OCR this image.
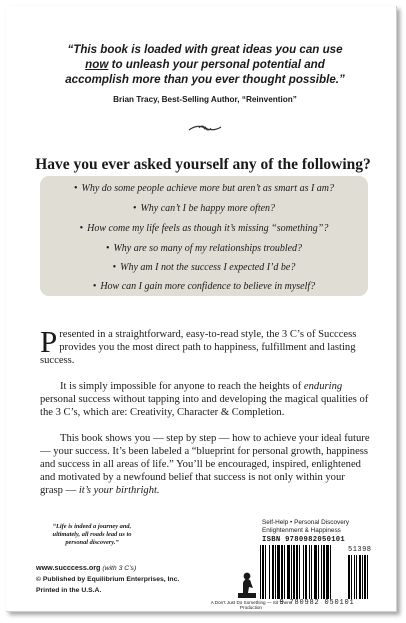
“This book is loaded with great ideas you can use
now to unleash your personal potential and
accomplish more than you ever thought possible.”
Brian Tracy, Best-Selling Author, “Reinvention”
Have you ever asked yourself any of the following?
• Why do some people achieve more but aren’t as smart as I am?
• Why can’t I be happy more often?
• How come my life feels as though it’s missing “something”?
• Why are so many of my relationships troubled?
• Why am I not the success I expected I’d be?
• How can I gain more confidence to believe in myself?
Presented in a straightforward, easy-to-read style, the 3 C’s of Succcess provides you the most direct path to happiness, fulfillment and lasting success.
It is simply impossible for anyone to reach the heights of enduring personal success without tapping into and developing the magical qualities of the 3 C’s, which are: Creativity, Character & Completion.
This book shows you — step by step — how to achieve your ideal future — your success. It’s been labeled a “blueprint for personal growth, happiness and success in all areas of life.” You’ll be encouraged, inspired, enlightened and motivated by a newfound belief that success is not only within your grasp — it’s your birthright.
“Life is indeed a journey and, ultimately, all roads lead us to personal discovery.”
www.succcess.org (with 3 C’s)
© Published by Equilibrium Enterprises, Inc.
Printed in the U.S.A.
A Don’t Just Do Something — Sit There Production
Self-Help • Personal Discovery
Enlightenment & Happiness
ISBN 9780982050101
51398
9 780982 050101
